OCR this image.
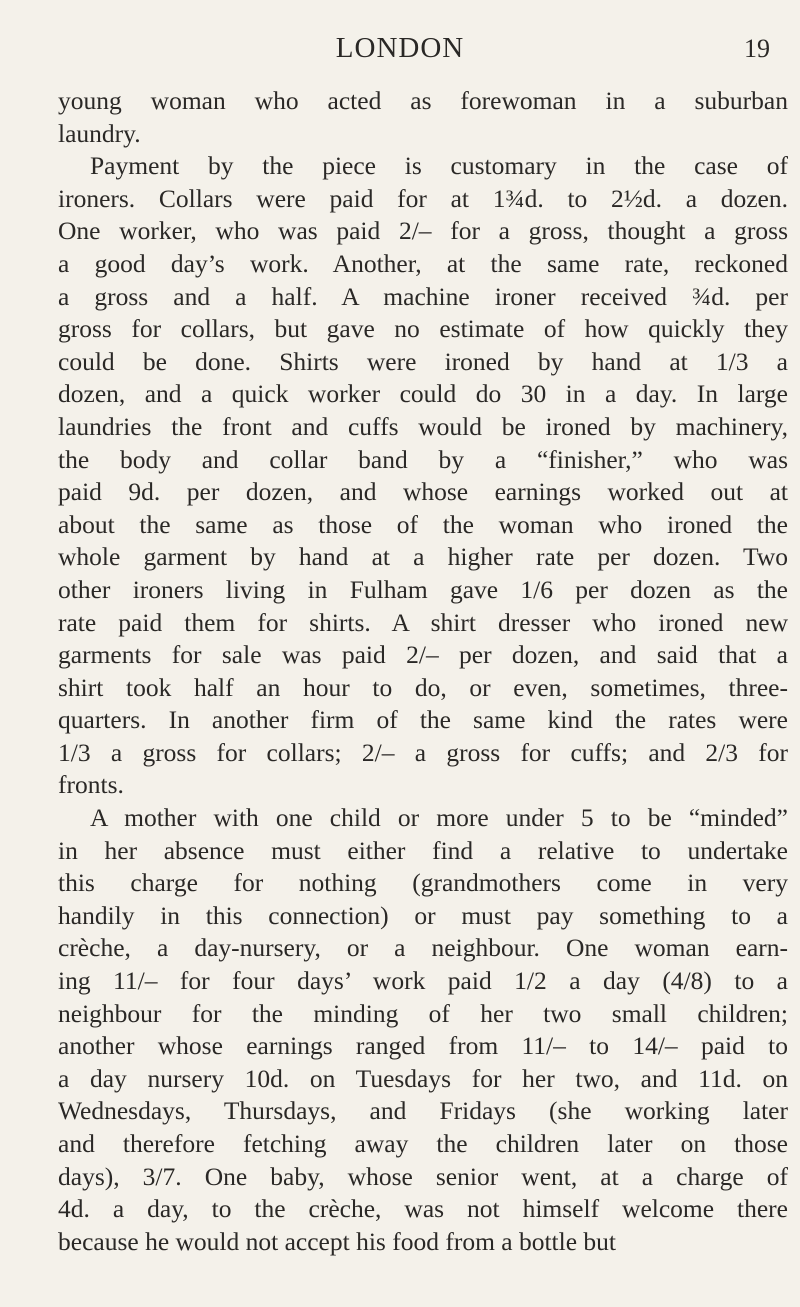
LONDON	19
young woman who acted as forewoman in a suburban
laundry.
Payment by the piece is customary in the case of
ironers. Collars were paid for at 1¾d. to 2½d. a dozen.
One worker, who was paid 2/– for a gross, thought a gross
a good day’s work. Another, at the same rate, reckoned
a gross and a half. A machine ironer received ¾d. per
gross for collars, but gave no estimate of how quickly they
could be done. Shirts were ironed by hand at 1/3 a
dozen, and a quick worker could do 30 in a day. In large
laundries the front and cuffs would be ironed by machinery,
the body and collar band by a “finisher,” who was
paid 9d. per dozen, and whose earnings worked out at
about the same as those of the woman who ironed the
whole garment by hand at a higher rate per dozen. Two
other ironers living in Fulham gave 1/6 per dozen as the
rate paid them for shirts. A shirt dresser who ironed new
garments for sale was paid 2/– per dozen, and said that a
shirt took half an hour to do, or even, sometimes, three-
quarters. In another firm of the same kind the rates were
1/3 a gross for collars; 2/– a gross for cuffs; and 2/3 for
fronts.
A mother with one child or more under 5 to be “minded”
in her absence must either find a relative to undertake
this charge for nothing (grandmothers come in very
handily in this connection) or must pay something to a
crèche, a day-nursery, or a neighbour. One woman earn-
ing 11/– for four days’ work paid 1/2 a day (4/8) to a
neighbour for the minding of her two small children;
another whose earnings ranged from 11/– to 14/– paid to
a day nursery 10d. on Tuesdays for her two, and 11d. on
Wednesdays, Thursdays, and Fridays (she working later
and therefore fetching away the children later on those
days), 3/7. One baby, whose senior went, at a charge of
4d. a day, to the crèche, was not himself welcome there
because he would not accept his food from a bottle but
